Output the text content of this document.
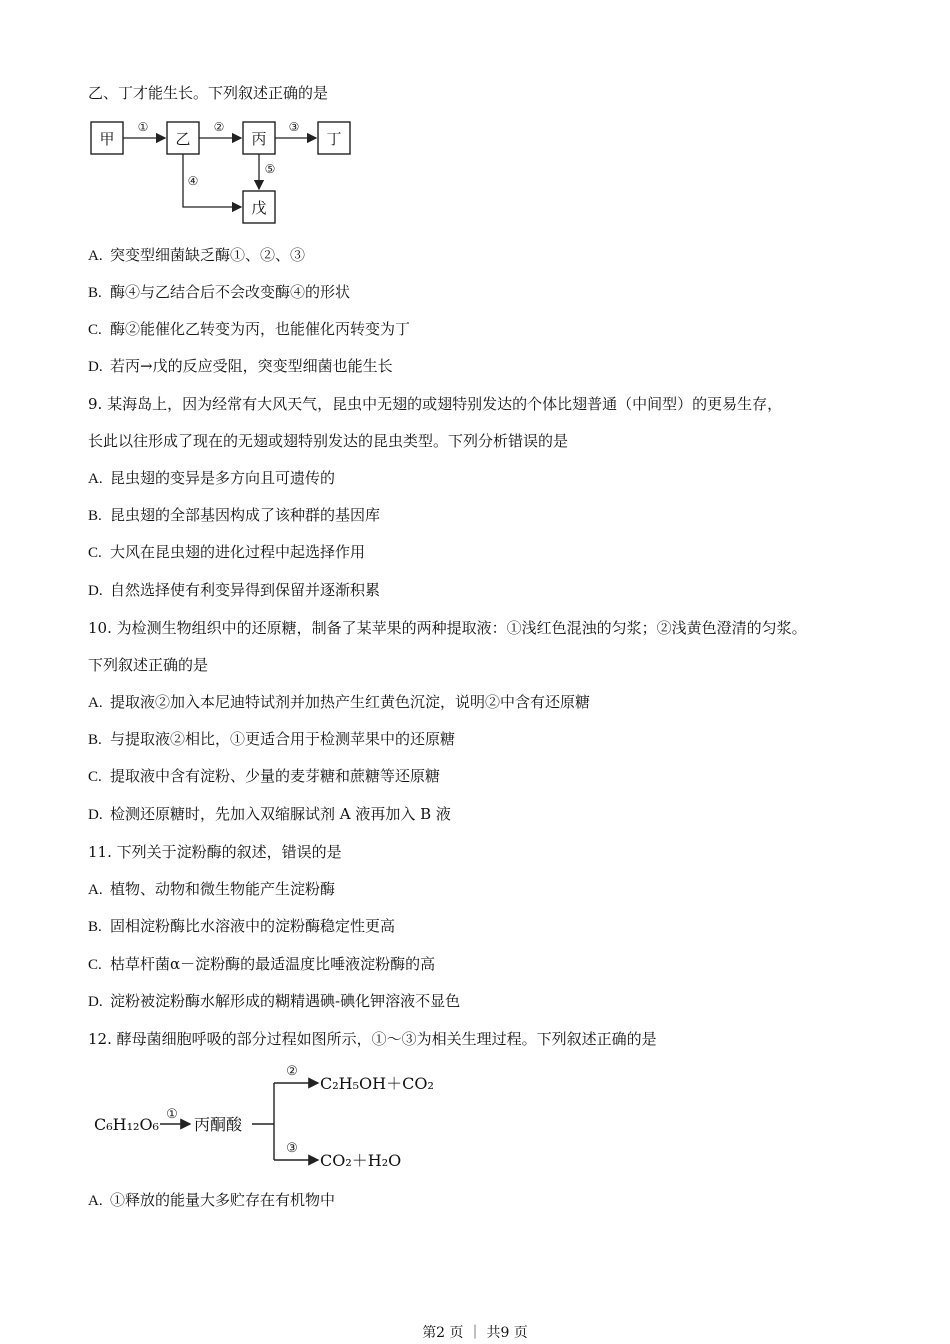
乙、丁才能生长。下列叙述正确的是
甲	乙	丙	丁
戊
①	②	③
④
⑤
A. 突变型细菌缺乏酶①、②、③
B. 酶④与乙结合后不会改变酶④的形状
C. 酶②能催化乙转变为丙，也能催化丙转变为丁
D. 若丙→戊的反应受阻，突变型细菌也能生长
9. 某海岛上，因为经常有大风天气，昆虫中无翅的或翅特别发达的个体比翅普通（中间型）的更易生存，
长此以往形成了现在的无翅或翅特别发达的昆虫类型。下列分析错误的是
A. 昆虫翅的变异是多方向且可遗传的
B. 昆虫翅的全部基因构成了该种群的基因库
C. 大风在昆虫翅的进化过程中起选择作用
D. 自然选择使有利变异得到保留并逐渐积累
10. 为检测生物组织中的还原糖，制备了某苹果的两种提取液：①浅红色混浊的匀浆；②浅黄色澄清的匀浆。
下列叙述正确的是
A. 提取液②加入本尼迪特试剂并加热产生红黄色沉淀，说明②中含有还原糖
B. 与提取液②相比，①更适合用于检测苹果中的还原糖
C. 提取液中含有淀粉、少量的麦芽糖和蔗糖等还原糖
D. 检测还原糖时，先加入双缩脲试剂 A 液再加入 B 液
11. 下列关于淀粉酶的叙述，错误的是
A. 植物、动物和微生物能产生淀粉酶
B. 固相淀粉酶比水溶液中的淀粉酶稳定性更高
C. 枯草杆菌α－淀粉酶的最适温度比唾液淀粉酶的高
D. 淀粉被淀粉酶水解形成的糊精遇碘-碘化钾溶液不显色
12. 酵母菌细胞呼吸的部分过程如图所示，①～③为相关生理过程。下列叙述正确的是
C₆H₁₂O₆ 丙酮酸
C₂H₅OH＋CO₂
CO₂＋H₂O
①
②
③
A. ①释放的能量大多贮存在有机物中
第2 页 ｜ 共9 页
